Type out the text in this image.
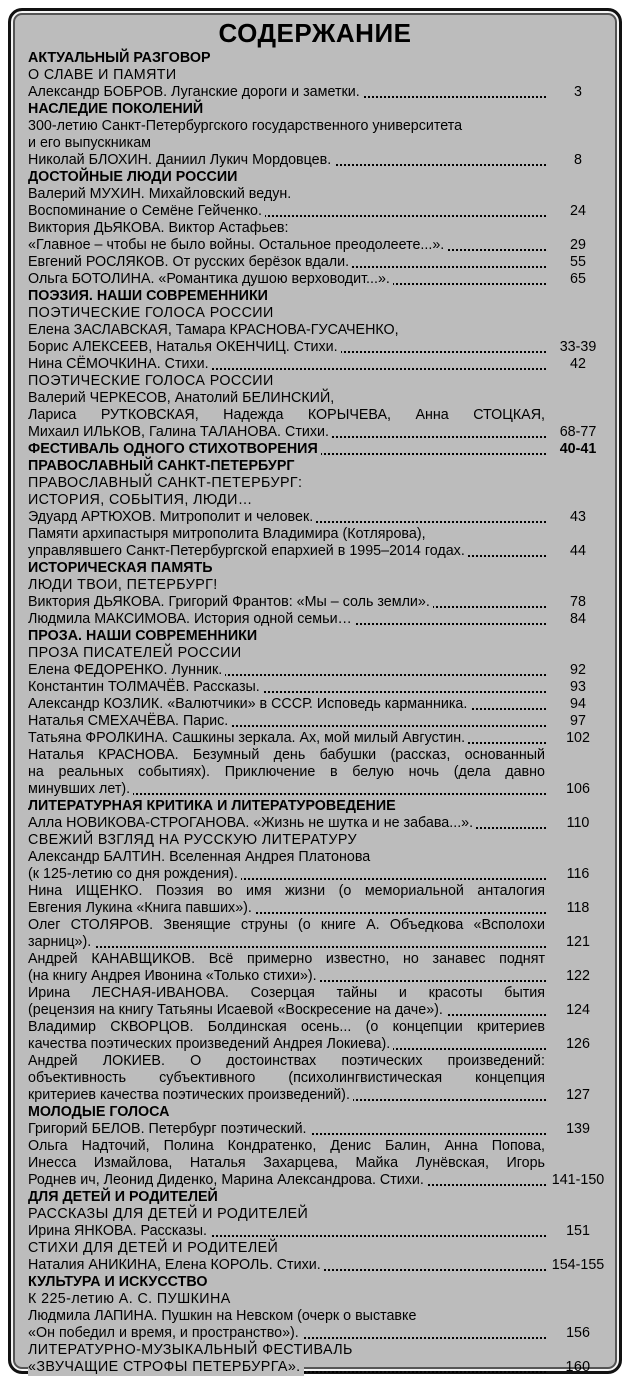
СОДЕРЖАНИЕ
АКТУАЛЬНЫЙ РАЗГОВОР
О СЛАВЕ И ПАМЯТИ
Александр БОБРОВ. Луганские дороги и заметки.	3
НАСЛЕДИЕ ПОКОЛЕНИЙ
300-летию Санкт-Петербургского государственного университета
и его выпускникам
Николай БЛОХИН. Даниил Лукич Мордовцев.	8
ДОСТОЙНЫЕ ЛЮДИ РОССИИ
Валерий МУХИН. Михайловский ведун.
Воспоминание о Семёне Гейченко.	24
Виктория ДЬЯКОВА. Виктор Астафьев:
«Главное – чтобы не было войны. Остальное преодолеете...».	29
Евгений РОСЛЯКОВ. От русских берёзок вдали.	55
Ольга БОТОЛИНА. «Романтика душою верховодит...».	65
ПОЭЗИЯ. НАШИ СОВРЕМЕННИКИ
ПОЭТИЧЕСКИЕ ГОЛОСА РОССИИ
Елена ЗАСЛАВСКАЯ, Тамара КРАСНОВА-ГУСАЧЕНКО,
Борис АЛЕКСЕЕВ, Наталья ОКЕНЧИЦ. Стихи.	33-39
Нина СЁМОЧКИНА. Стихи.	42
ПОЭТИЧЕСКИЕ ГОЛОСА РОССИИ
Валерий ЧЕРКЕСОВ, Анатолий БЕЛИНСКИЙ,
Лариса РУТКОВСКАЯ, Надежда КОРЫЧЕВА, Анна СТОЦКАЯ,
Михаил ИЛЬКОВ, Галина ТАЛАНОВА. Стихи.	68-77
ФЕСТИВАЛЬ ОДНОГО СТИХОТВОРЕНИЯ	40-41
ПРАВОСЛАВНЫЙ САНКТ-ПЕТЕРБУРГ
ПРАВОСЛАВНЫЙ САНКТ-ПЕТЕРБУРГ:
ИСТОРИЯ, СОБЫТИЯ, ЛЮДИ…
Эдуард АРТЮХОВ. Митрополит и человек.	43
Памяти архипастыря митрополита Владимира (Котлярова),
управлявшего Санкт-Петербургской епархией в 1995–2014 годах.	44
ИСТОРИЧЕСКАЯ ПАМЯТЬ
ЛЮДИ ТВОИ, ПЕТЕРБУРГ!
Виктория ДЬЯКОВА. Григорий Франтов: «Мы – соль земли».	78
Людмила МАКСИМОВА. История одной семьи…	84
ПРОЗА. НАШИ СОВРЕМЕННИКИ
ПРОЗА ПИСАТЕЛЕЙ РОССИИ
Елена ФЕДОРЕНКО. Лунник.	92
Константин ТОЛМАЧЁВ. Рассказы.	93
Александр КОЗЛИК. «Валютчики» в СССР. Исповедь карманника.	94
Наталья СМЕХАЧЁВА. Парис.	97
Татьяна ФРОЛКИНА. Сашкины зеркала. Ах, мой милый Августин.	102
Наталья КРАСНОВА. Безумный день бабушки (рассказ, основанный
на реальных событиях). Приключение в белую ночь (дела давно
минувших лет).	106
ЛИТЕРАТУРНАЯ КРИТИКА И ЛИТЕРАТУРОВЕДЕНИЕ
Алла НОВИКОВА-СТРОГАНОВА. «Жизнь не шутка и не забава...».	110
СВЕЖИЙ ВЗГЛЯД НА РУССКУЮ ЛИТЕРАТУРУ
Александр БАЛТИН. Вселенная Андрея Платонова
(к 125-летию со дня рождения).	116
Нина ИЩЕНКО. Поэзия во имя жизни (о мемориальной анталогия
Евгения Лукина «Книга павших»).	118
Олег СТОЛЯРОВ. Звенящие струны (о книге А. Объедкова «Всполохи
зарниц»).	121
Андрей КАНАВЩИКОВ. Всё примерно известно, но занавес поднят
(на книгу Андрея Ивонина «Только стихи»).	122
Ирина ЛЕСНАЯ-ИВАНОВА. Созерцая тайны и красоты бытия
(рецензия на книгу Татьяны Исаевой «Воскресение на даче»).	124
Владимир СКВОРЦОВ. Болдинская осень... (о концепции критериев
качества поэтических произведений Андрея Локиева).	126
Андрей ЛОКИЕВ. О достоинствах поэтических произведений:
объективность субъективного (психолингвистическая концепция
критериев качества поэтических произведений).	127
МОЛОДЫЕ ГОЛОСА
Григорий БЕЛОВ. Петербург поэтический.	139
Ольга Надточий, Полина Кондратенко, Денис Балин, Анна Попова,
Инесса Измайлова, Наталья Захарцева, Майка Лунёвская, Игорь
Роднев ич, Леонид Диденко, Марина Александрова. Стихи.	141-150
ДЛЯ ДЕТЕЙ И РОДИТЕЛЕЙ
РАССКАЗЫ ДЛЯ ДЕТЕЙ И РОДИТЕЛЕЙ
Ирина ЯНКОВА. Рассказы.	151
СТИХИ ДЛЯ ДЕТЕЙ И РОДИТЕЛЕЙ
Наталия АНИКИНА, Елена КОРОЛЬ. Стихи.	154-155
КУЛЬТУРА И ИСКУССТВО
К 225-летию А. С. ПУШКИНА
Людмила ЛАПИНА. Пушкин на Невском (очерк о выставке
«Он победил и время, и пространство»).	156
ЛИТЕРАТУРНО-МУЗЫКАЛЬНЫЙ ФЕСТИВАЛЬ
«ЗВУЧАЩИЕ СТРОФЫ ПЕТЕРБУРГА».	160
